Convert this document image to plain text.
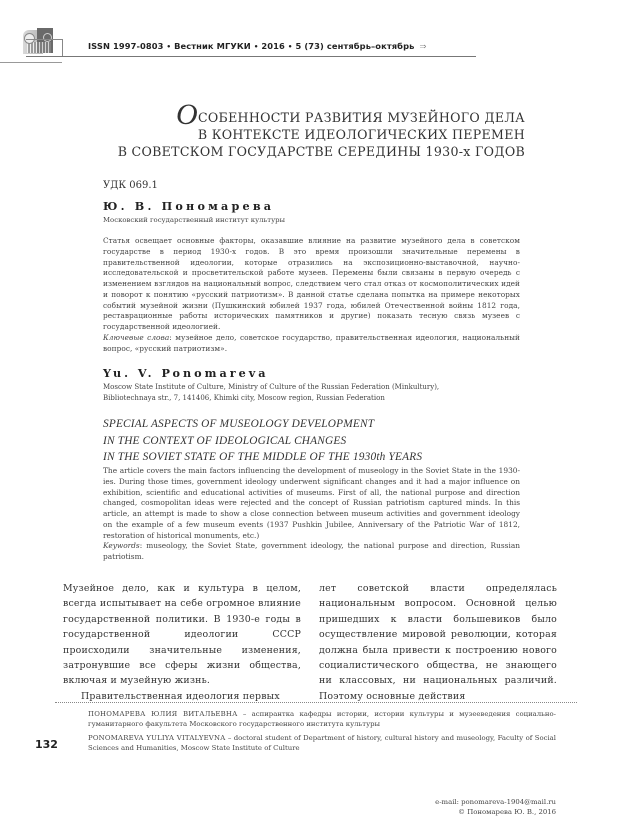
ISSN 1997-0803 • Вестник МГУКИ • 2016 • 5 (73) сентябрь–октябрь ⇒
ОСОБЕННОСТИ РАЗВИТИЯ МУЗЕЙНОГО ДЕЛА
В КОНТЕКСТЕ ИДЕОЛОГИЧЕСКИХ ПЕРЕМЕН
В СОВЕТСКОМ ГОСУДАРСТВЕ СЕРЕДИНЫ 1930-х ГОДОВ
УДК 069.1
Ю. В. Пономарева
Московский государственный институт культуры
Статья освещает основные факторы, оказавшие влияние на развитие музейного дела в советском государстве в период 1930-х годов. В это время произошли значительные перемены в правительственной идеологии, которые отразились на экспозиционно-выставочной, научно-исследовательской и просветительской работе музеев. Перемены были связаны в первую очередь с изменением взглядов на национальный вопрос, следствием чего стал отказ от космополитических идей и поворот к понятию «русский патриотизм». В данной статье сделана попытка на примере некоторых событий музейной жизни (Пушкинский юбилей 1937 года, юбилей Отечественной войны 1812 года, реставрационные работы исторических памятников и другие) показать тесную связь музеев с государственной идеологией.
Ключевые слова: музейное дело, советское государство, правительственная идеология, национальный вопрос, «русский патриотизм».
Yu. V. Ponomareva
Moscow State Institute of Culture, Ministry of Culture of the Russian Federation (Minkultury),
Bibliotechnaya str., 7, 141406, Khimki city, Moscow region, Russian Federation
SPECIAL ASPECTS OF MUSEOLOGY DEVELOPMENT
IN THE CONTEXT OF IDEOLOGICAL CHANGES
IN THE SOVIET STATE OF THE MIDDLE OF THE 1930th YEARS
The article covers the main factors influencing the development of museology in the Soviet State in the 1930-ies. During those times, government ideology underwent significant changes and it had a major influence on exhibition, scientific and educational activities of museums. First of all, the national purpose and direction changed, cosmopolitan ideas were rejected and the concept of Russian patriotism captured minds. In this article, an attempt is made to show a close connection between museum activities and government ideology on the example of a few museum events (1937 Pushkin Jubilee, Anniversary of the Patriotic War of 1812, restoration of historical monuments, etc.)
Keywords: museology, the Soviet State, government ideology, the national purpose and direction, Russian patriotism.

Музейное дело, как и культура в целом, всегда испытывает на себе огромное влияние государственной политики. В 1930-е годы в государственной идеологии СССР происходили значительные изменения, затронувшие все сферы жизни общества, включая и музейную жизнь.

Правительственная идеология первых

лет советской власти определялась национальным вопросом. Основной целью пришедших к власти большевиков было осуществление мировой революции, которая должна была привести к построению нового социалистического общества, не знающего ни классовых, ни национальных различий. Поэтому основные действия

132

ПОНОМАРЕВА ЮЛИЯ ВИТАЛЬЕВНА – аспирантка кафедры истории, истории культуры и музееведения социально-гуманитарного факультета Московского государственного института культуры

PONOMAREVA YULIYA VITALYEVNA – doctoral student of Department of history, cultural history and museology, Faculty of Social Sciences and Humanities, Moscow State Institute of Culture

e-mail: ponomareva-1904@mail.ru
© Пономарева Ю. В., 2016
